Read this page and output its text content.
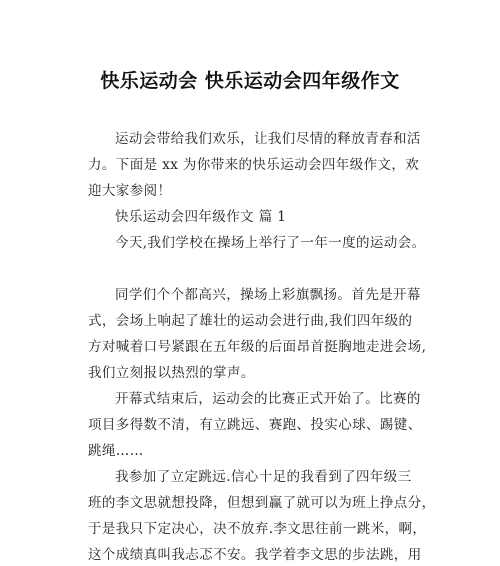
快乐运动会 快乐运动会四年级作文
运动会带给我们欢乐，让我们尽情的释放青春和活
力。下面是 xx 为你带来的快乐运动会四年级作文，欢
迎大家参阅！
快乐运动会四年级作文 篇 1
今天,我们学校在操场上举行了一年一度的运动会。
同学们个个都高兴，操场上彩旗飘扬。首先是开幕
式，会场上响起了雄壮的运动会进行曲,我们四年级的
方对喊着口号紧跟在五年级的后面昂首挺胸地走进会场,
我们立刻报以热烈的掌声。
开幕式结束后，运动会的比赛正式开始了。比赛的
项目多得数不清，有立跳远、赛跑、投实心球、踢键、
跳绳……
我参加了立定跳远.信心十足的我看到了四年级三
班的李文思就想投降，但想到赢了就可以为班上挣点分，
于是我只下定决心，决不放弃.李文思往前一跳米，啊，
这个成绩真叫我忐忑不安。我学着李文思的步法跳，用
